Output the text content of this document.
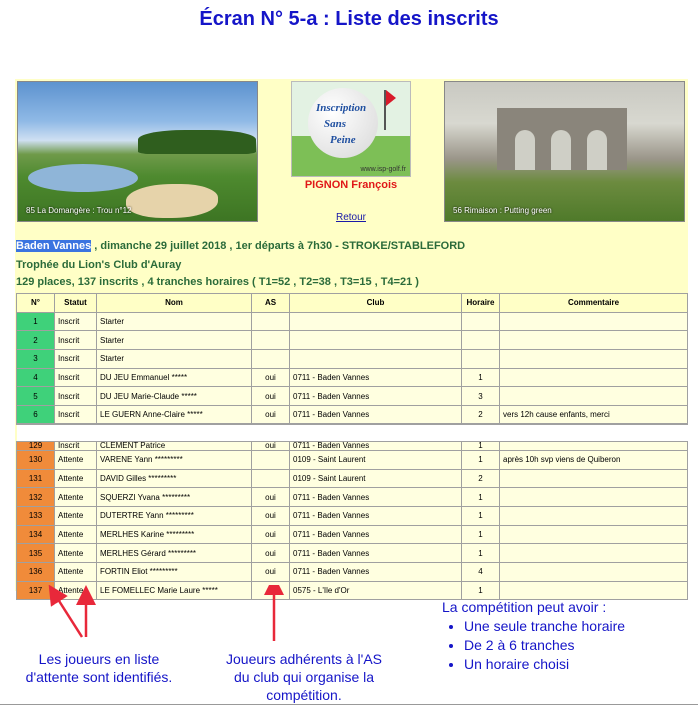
Écran N° 5-a : Liste des inscrits
85 La Domangère : Trou n°12
Inscription
Sans
Peine
www.isp-golf.fr
PIGNON François
Retour
56 Rimaison : Putting green
Baden Vannes , dimanche 29 juillet 2018 , 1er départs à 7h30 - STROKE/STABLEFORD
Trophée du Lion's Club d'Auray
129 places, 137 inscrits , 4 tranches horaires ( T1=52 , T2=38 , T3=15 , T4=21 )
N°	Statut	Nom	AS	Club	Horaire	Commentaire
1	Inscrit	Starter				
2	Inscrit	Starter				
3	Inscrit	Starter				
4	Inscrit	DU JEU Emmanuel *****	oui	0711 - Baden Vannes	1	
5	Inscrit	DU JEU Marie-Claude *****	oui	0711 - Baden Vannes	3	
6	Inscrit	LE GUERN Anne-Claire *****	oui	0711 - Baden Vannes	2	vers 12h cause enfants, merci

129	Inscrit	CLEMENT Patrice	oui	0711 - Baden Vannes	1	
130	Attente	VARENE Yann *********		0109 - Saint Laurent	1	après 10h svp viens de Quiberon
131	Attente	DAVID Gilles *********		0109 - Saint Laurent	2	
132	Attente	SQUERZI Yvana *********	oui	0711 - Baden Vannes	1	
133	Attente	DUTERTRE Yann *********	oui	0711 - Baden Vannes	1	
134	Attente	MERLHES Karine *********	oui	0711 - Baden Vannes	1	
135	Attente	MERLHES Gérard *********	oui	0711 - Baden Vannes	1	
136	Attente	FORTIN Eliot *********	oui	0711 - Baden Vannes	4	
137	Attente	LE FOMELLEC Marie Laure *****		0575 - L'Ile d'Or	1	
Les joueurs en liste
d'attente sont identifiés.
Joueurs adhérents à l'AS
du club qui organise la
compétition.
La compétition peut avoir :
• Une seule tranche horaire
• De 2 à 6 tranches
• Un horaire choisi
